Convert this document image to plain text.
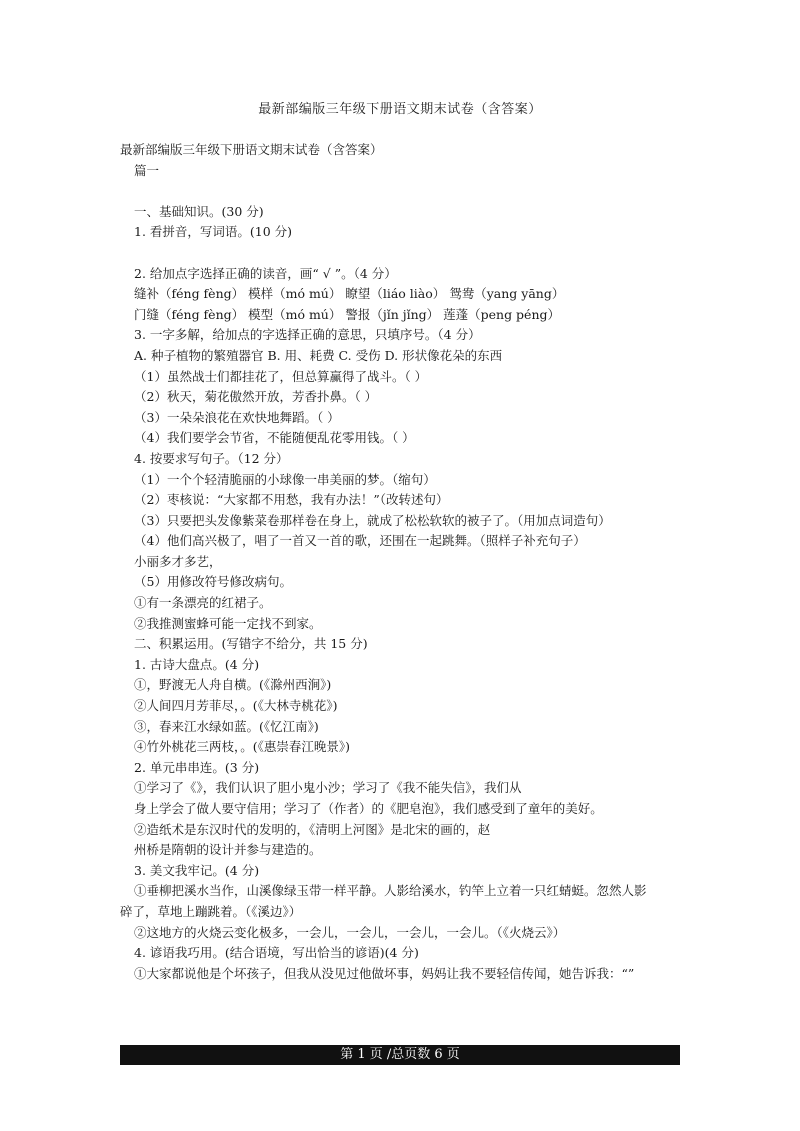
最新部编版三年级下册语文期末试卷（含答案）
最新部编版三年级下册语文期末试卷（含答案）
篇一
一、基础知识。(30 分)
1. 看拼音，写词语。(10 分)
2. 给加点字选择正确的读音，画“ √ ”。（4 分）
缝补（féng fèng） 模样（mó mú） 瞭望（liáo liào） 鸳鸯（yang yāng）
门缝（féng fèng） 模型（mó mú） 警报（jǐn jǐng） 莲蓬（peng péng）
3. 一字多解，给加点的字选择正确的意思，只填序号。（4 分）
A. 种子植物的繁殖器官 B. 用、耗费 C. 受伤 D. 形状像花朵的东西
（1）虽然战士们都挂花了，但总算赢得了战斗。（ ）
（2）秋天，菊花傲然开放，芳香扑鼻。（ ）
（3）一朵朵浪花在欢快地舞蹈。（ ）
（4）我们要学会节省，不能随便乱花零用钱。（ ）
4. 按要求写句子。（12 分）
（1）一个个轻清脆丽的小球像一串美丽的梦。（缩句）
（2）枣核说：“大家都不用愁，我有办法！”（改转述句）
（3）只要把头发像紫菜卷那样卷在身上，就成了松松软软的被子了。（用加点词造句）
（4）他们高兴极了，唱了一首又一首的歌，还围在一起跳舞。（照样子补充句子）
小丽多才多艺，
（5）用修改符号修改病句。
①有一条漂亮的红裙子。
②我推测蜜蜂可能一定找不到家。
二、积累运用。(写错字不给分，共 15 分)
1. 古诗大盘点。(4 分)
①，野渡无人舟自横。(《滁州西涧》)
②人间四月芳菲尽，。(《大林寺桃花》)
③，春来江水绿如蓝。(《忆江南》)
④竹外桃花三两枝，。(《惠崇春江晚景》)
2. 单元串串连。(3 分)
①学习了《》，我们认识了胆小鬼小沙；学习了《我不能失信》，我们从
身上学会了做人要守信用；学习了（作者）的《肥皂泡》，我们感受到了童年的美好。
②造纸术是东汉时代的发明的，《清明上河图》是北宋的画的，赵
州桥是隋朝的设计并参与建造的。
3. 美文我牢记。(4 分)
①垂柳把溪水当作，山溪像绿玉带一样平静。人影给溪水，钓竿上立着一只红蜻蜓。忽然人影
碎了，草地上蹦跳着。（《溪边》）
②这地方的火烧云变化极多，一会儿，一会儿，一会儿，一会儿。（《火烧云》）
4. 谚语我巧用。(结合语境，写出恰当的谚语)(4 分)
①大家都说他是个坏孩子，但我从没见过他做坏事，妈妈让我不要轻信传闻，她告诉我：“”
第 1 页 /总页数 6 页
